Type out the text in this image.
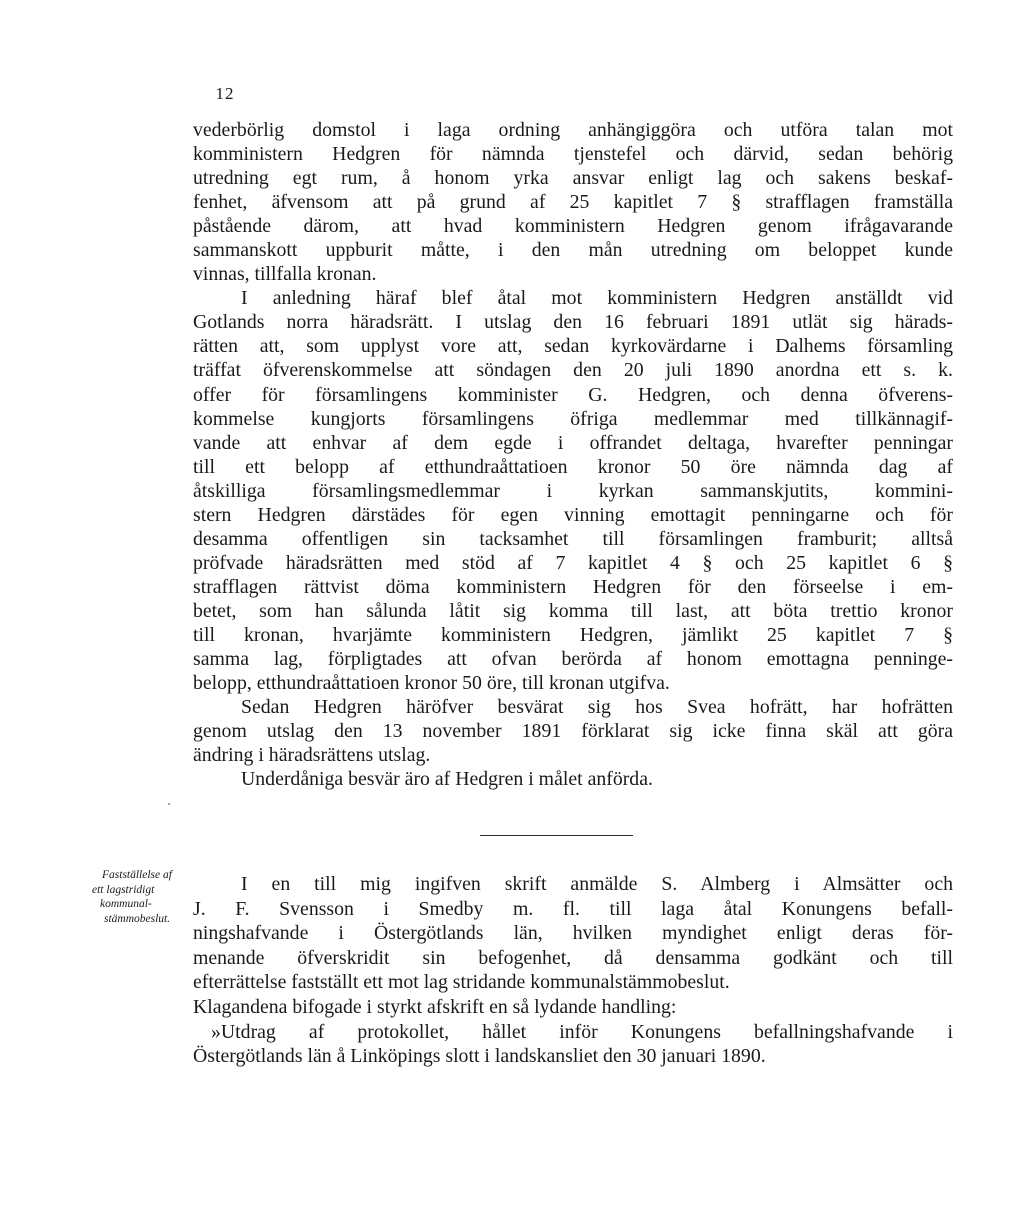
12

vederbörlig domstol i laga ordning anhängiggöra och utföra talan mot
komministern Hedgren för nämnda tjenstefel och därvid, sedan behörig
utredning egt rum, å honom yrka ansvar enligt lag och sakens beskaf-
fenhet, äfvensom att på grund af 25 kapitlet 7 § strafflagen framställa
påstående därom, att hvad komministern Hedgren genom ifrågavarande
sammanskott uppburit måtte, i den mån utredning om beloppet kunde
vinnas, tillfalla kronan.

I anledning häraf blef åtal mot komministern Hedgren anställdt vid
Gotlands norra häradsrätt. I utslag den 16 februari 1891 utlät sig härads-
rätten att, som upplyst vore att, sedan kyrkovärdarne i Dalhems församling
träffat öfverenskommelse att söndagen den 20 juli 1890 anordna ett s. k.
offer för församlingens komminister G. Hedgren, och denna öfverens-
kommelse kungjorts församlingens öfriga medlemmar med tillkännagif-
vande att enhvar af dem egde i offrandet deltaga, hvarefter penningar
till ett belopp af etthundraåttatioen kronor 50 öre nämnda dag af
åtskilliga församlingsmedlemmar i kyrkan sammanskjutits, kommini-
stern Hedgren därstädes för egen vinning emottagit penningarne och för
desamma offentligen sin tacksamhet till församlingen framburit; alltså
pröfvade häradsrätten med stöd af 7 kapitlet 4 § och 25 kapitlet 6 §
strafflagen rättvist döma komministern Hedgren för den förseelse i em-
betet, som han sålunda låtit sig komma till last, att böta trettio kronor
till kronan, hvarjämte komministern Hedgren, jämlikt 25 kapitlet 7 §
samma lag, förpligtades att ofvan berörda af honom emottagna penninge-
belopp, etthundraåttatioen kronor 50 öre, till kronan utgifva.

Sedan Hedgren häröfver besvärat sig hos Svea hofrätt, har hofrätten
genom utslag den 13 november 1891 förklarat sig icke finna skäl att göra
ändring i häradsrättens utslag.

Underdåniga besvär äro af Hedgren i målet anförda.

Fastställelse af
ett lagstridigt
kommunal-
stämmobeslut.

I en till mig ingifven skrift anmälde S. Almberg i Almsätter och
J. F. Svensson i Smedby m. fl. till laga åtal Konungens befall-
ningshafvande i Östergötlands län, hvilken myndighet enligt deras för-
menande öfverskridit sin befogenhet, då densamma godkänt och till
efterrättelse fastställt ett mot lag stridande kommunalstämmobeslut.

Klagandena bifogade i styrkt afskrift en så lydande handling:

»Utdrag af protokollet, hållet inför Konungens befallningshafvande i
Östergötlands län å Linköpings slott i landskansliet den 30 januari 1890.
